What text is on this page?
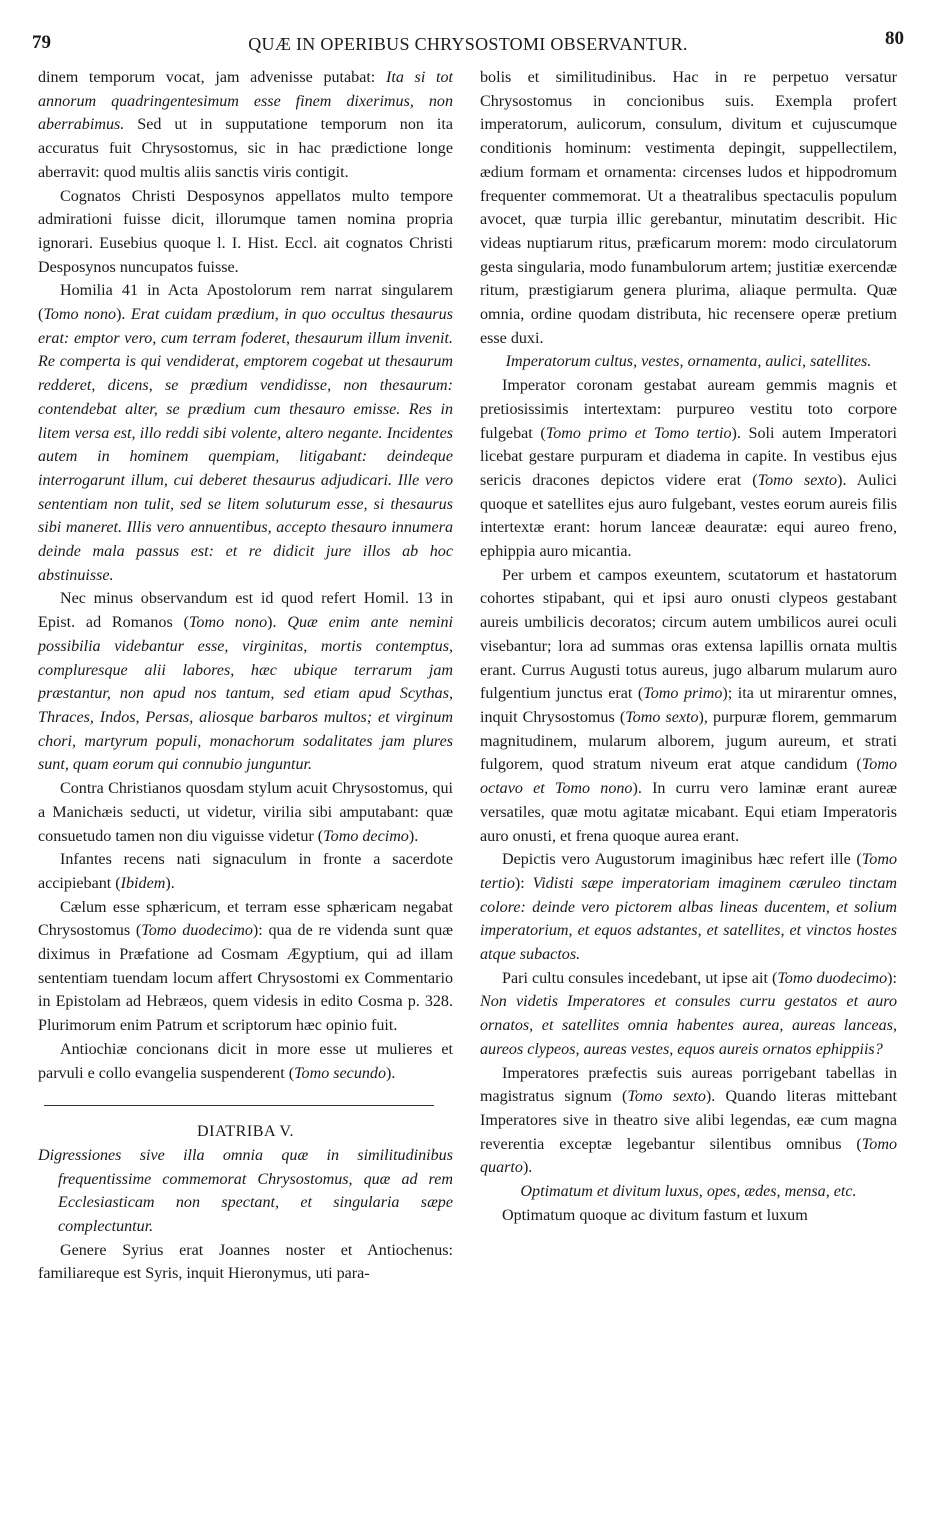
79	QUÆ IN OPERIBUS CHRYSOSTOMI OBSERVANTUR.	80

dinem temporum vocat, jam advenisse putabat: Ita si tot annorum quadringentesimum esse finem dixerimus, non aberrabimus. Sed ut in supputatione temporum non ita accuratus fuit Chrysostomus, sic in hac prædictione longe aberravit: quod multis aliis sanctis viris contigit.

Cognatos Christi Desposynos appellatos multo tempore admirationi fuisse dicit, illorumque tamen nomina propria ignorari. Eusebius quoque l. I. Hist. Eccl. ait cognatos Christi Desposynos nuncupatos fuisse.

Homilia 41 in Acta Apostolorum rem narrat singularem (Tomo nono). Erat cuidam prædium, in quo occultus thesaurus erat: emptor vero, cum terram foderet, thesaurum illum invenit. Re comperta is qui vendiderat, emptorem cogebat ut thesaurum redderet, dicens, se prædium vendidisse, non thesaurum: contendebat alter, se prædium cum thesauro emisse. Res in litem versa est, illo reddi sibi volente, altero negante. Incidentes autem in hominem quempiam, litigabant: deindeque interrogarunt illum, cui deberet thesaurus adjudicari. Ille vero sententiam non tulit, sed se litem soluturum esse, si thesaurus sibi maneret. Illis vero annuentibus, accepto thesauro innumera deinde mala passus est: et re didicit jure illos ab hoc abstinuisse.

Nec minus observandum est id quod refert Homil. 13 in Epist. ad Romanos (Tomo nono). Quæ enim ante nemini possibilia videbantur esse, virginitas, mortis contemptus, compluresque alii labores, hæc ubique terrarum jam præstantur, non apud nos tantum, sed etiam apud Scythas, Thraces, Indos, Persas, aliosque barbaros multos; et virginum chori, martyrum populi, monachorum sodalitates jam plures sunt, quam eorum qui connubio junguntur.

Contra Christianos quosdam stylum acuit Chrysostomus, qui a Manichæis seducti, ut videtur, virilia sibi amputabant: quæ consuetudo tamen non diu viguisse videtur (Tomo decimo).

Infantes recens nati signaculum in fronte a sacerdote accipiebant (Ibidem).

Cælum esse sphæricum, et terram esse sphæricam negabat Chrysostomus (Tomo duodecimo): qua de re videnda sunt quæ diximus in Præfatione ad Cosmam Ægyptium, qui ad illam sententiam tuendam locum affert Chrysostomi ex Commentario in Epistolam ad Hebræos, quem videsis in edito Cosma p. 328. Plurimorum enim Patrum et scriptorum hæc opinio fuit.

Antiochiæ concionans dicit in more esse ut mulieres et parvuli e collo evangelia suspenderent (Tomo secundo).

DIATRIBA V.

Digressiones sive illa omnia quæ in similitudinibus frequentissime commemorat Chrysostomus, quæ ad rem Ecclesiasticam non spectant, et singularia sæpe complectuntur.

Genere Syrius erat Joannes noster et Antiochenus: familiareque est Syris, inquit Hieronymus, uti para-

bolis et similitudinibus. Hac in re perpetuo versatur Chrysostomus in concionibus suis. Exempla profert imperatorum, aulicorum, consulum, divitum et cujuscumque conditionis hominum: vestimenta depingit, suppellectilem, ædium formam et ornamenta: circenses ludos et hippodromum frequenter commemorat. Ut a theatralibus spectaculis populum avocet, quæ turpia illic gerebantur, minutatim describit. Hic videas nuptiarum ritus, præficarum morem: modo circulatorum gesta singularia, modo funambulorum artem; justitiæ exercendæ ritum, præstigiarum genera plurima, aliaque permulta. Quæ omnia, ordine quodam distributa, hic recensere operæ pretium esse duxi.

Imperatorum cultus, vestes, ornamenta, aulici, satellites.

Imperator coronam gestabat auream gemmis magnis et pretiosissimis intertextam: purpureo vestitu toto corpore fulgebat (Tomo primo et Tomo tertio). Soli autem Imperatori licebat gestare purpuram et diadema in capite. In vestibus ejus sericis dracones depictos videre erat (Tomo sexto). Aulici quoque et satellites ejus auro fulgebant, vestes eorum aureis filis intertextæ erant: horum lanceæ deauratæ: equi aureo freno, ephippia auro micantia.

Per urbem et campos exeuntem, scutatorum et hastatorum cohortes stipabant, qui et ipsi auro onusti clypeos gestabant aureis umbilicis decoratos; circum autem umbilicos aurei oculi visebantur; lora ad summas oras extensa lapillis ornata multis erant. Currus Augusti totus aureus, jugo albarum mularum auro fulgentium junctus erat (Tomo primo); ita ut mirarentur omnes, inquit Chrysostomus (Tomo sexto), purpuræ florem, gemmarum magnitudinem, mularum alborem, jugum aureum, et strati fulgorem, quod stratum niveum erat atque candidum (Tomo octavo et Tomo nono). In curru vero laminæ erant aureæ versatiles, quæ motu agitatæ micabant. Equi etiam Imperatoris auro onusti, et frena quoque aurea erant.

Depictis vero Augustorum imaginibus hæc refert ille (Tomo tertio): Vidisti sæpe imperatoriam imaginem cæruleo tinctam colore: deinde vero pictorem albas lineas ducentem, et solium imperatorium, et equos adstantes, et satellites, et vinctos hostes atque subactos.

Pari cultu consules incedebant, ut ipse ait (Tomo duodecimo): Non videtis Imperatores et consules curru gestatos et auro ornatos, et satellites omnia habentes aurea, aureas lanceas, aureos clypeos, aureas vestes, equos aureis ornatos ephippiis?

Imperatores præfectis suis aureas porrigebant tabellas in magistratus signum (Tomo sexto). Quando literas mittebant Imperatores sive in theatro sive alibi legendas, eæ cum magna reverentia exceptæ legebantur silentibus omnibus (Tomo quarto).

Optimatum et divitum luxus, opes, ædes, mensa, etc.

Optimatum quoque ac divitum fastum et luxum
